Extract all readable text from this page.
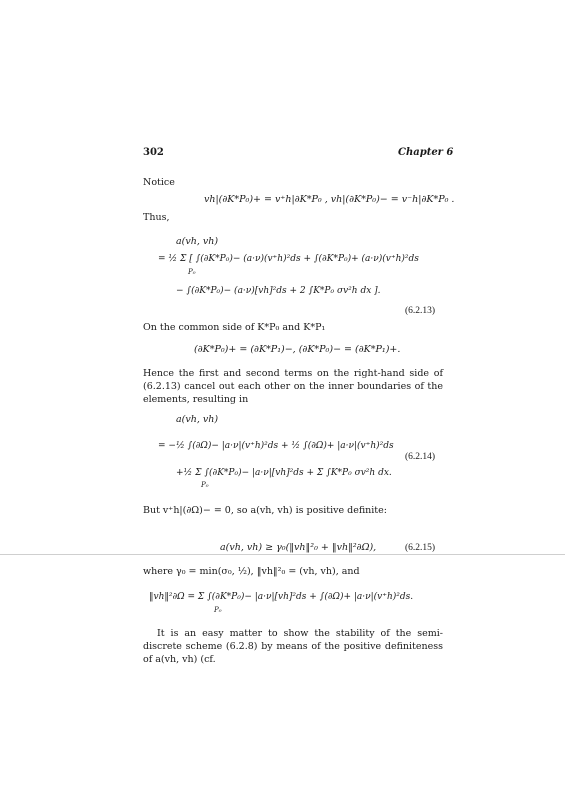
302	Chapter 6
Notice
vh|(∂K*P₀)+ = v⁺h|∂K*P₀ , vh|(∂K*P₀)− = v⁻h|∂K*P₀ .
Thus,
a(vh, vh)
= ½ Σ [ ∫(∂K*P₀)− (a·ν)(v⁺h)²ds + ∫(∂K*P₀)+ (a·ν)(v⁺h)²ds
P₀
− ∫(∂K*P₀)− (a·ν)[vh]²ds + 2 ∫K*P₀ σv²h dx ].
(6.2.13)
On the common side of K*P₀ and K*P₁
(∂K*P₀)+ = (∂K*P₁)−, (∂K*P₀)− = (∂K*P₁)+.
Hence the first and second terms on the right-hand side of (6.2.13) cancel out each other on the inner boundaries of the elements, resulting in
a(vh, vh)
= −½ ∫(∂Ω)− |a·ν|(v⁺h)²ds + ½ ∫(∂Ω)+ |a·ν|(v⁺h)²ds
(6.2.14)
+½ Σ ∫(∂K*P₀)− |a·ν|[vh]²ds + Σ ∫K*P₀ σv²h dx.
P₀
But v⁺h|(∂Ω)− = 0, so a(vh, vh) is positive definite:
a(vh, vh) ≥ γ₀(‖vh‖²₀ + ‖vh‖²∂Ω),	(6.2.15)
where γ₀ = min(σ₀, ½), ‖vh‖²₀ = (vh, vh), and
‖vh‖²∂Ω = Σ ∫(∂K*P₀)− |a·ν|[vh]²ds + ∫(∂Ω)+ |a·ν|(v⁺h)²ds.
P₀
It is an easy matter to show the stability of the semi-discrete scheme (6.2.8) by means of the positive definiteness of a(vh, vh) (cf.
